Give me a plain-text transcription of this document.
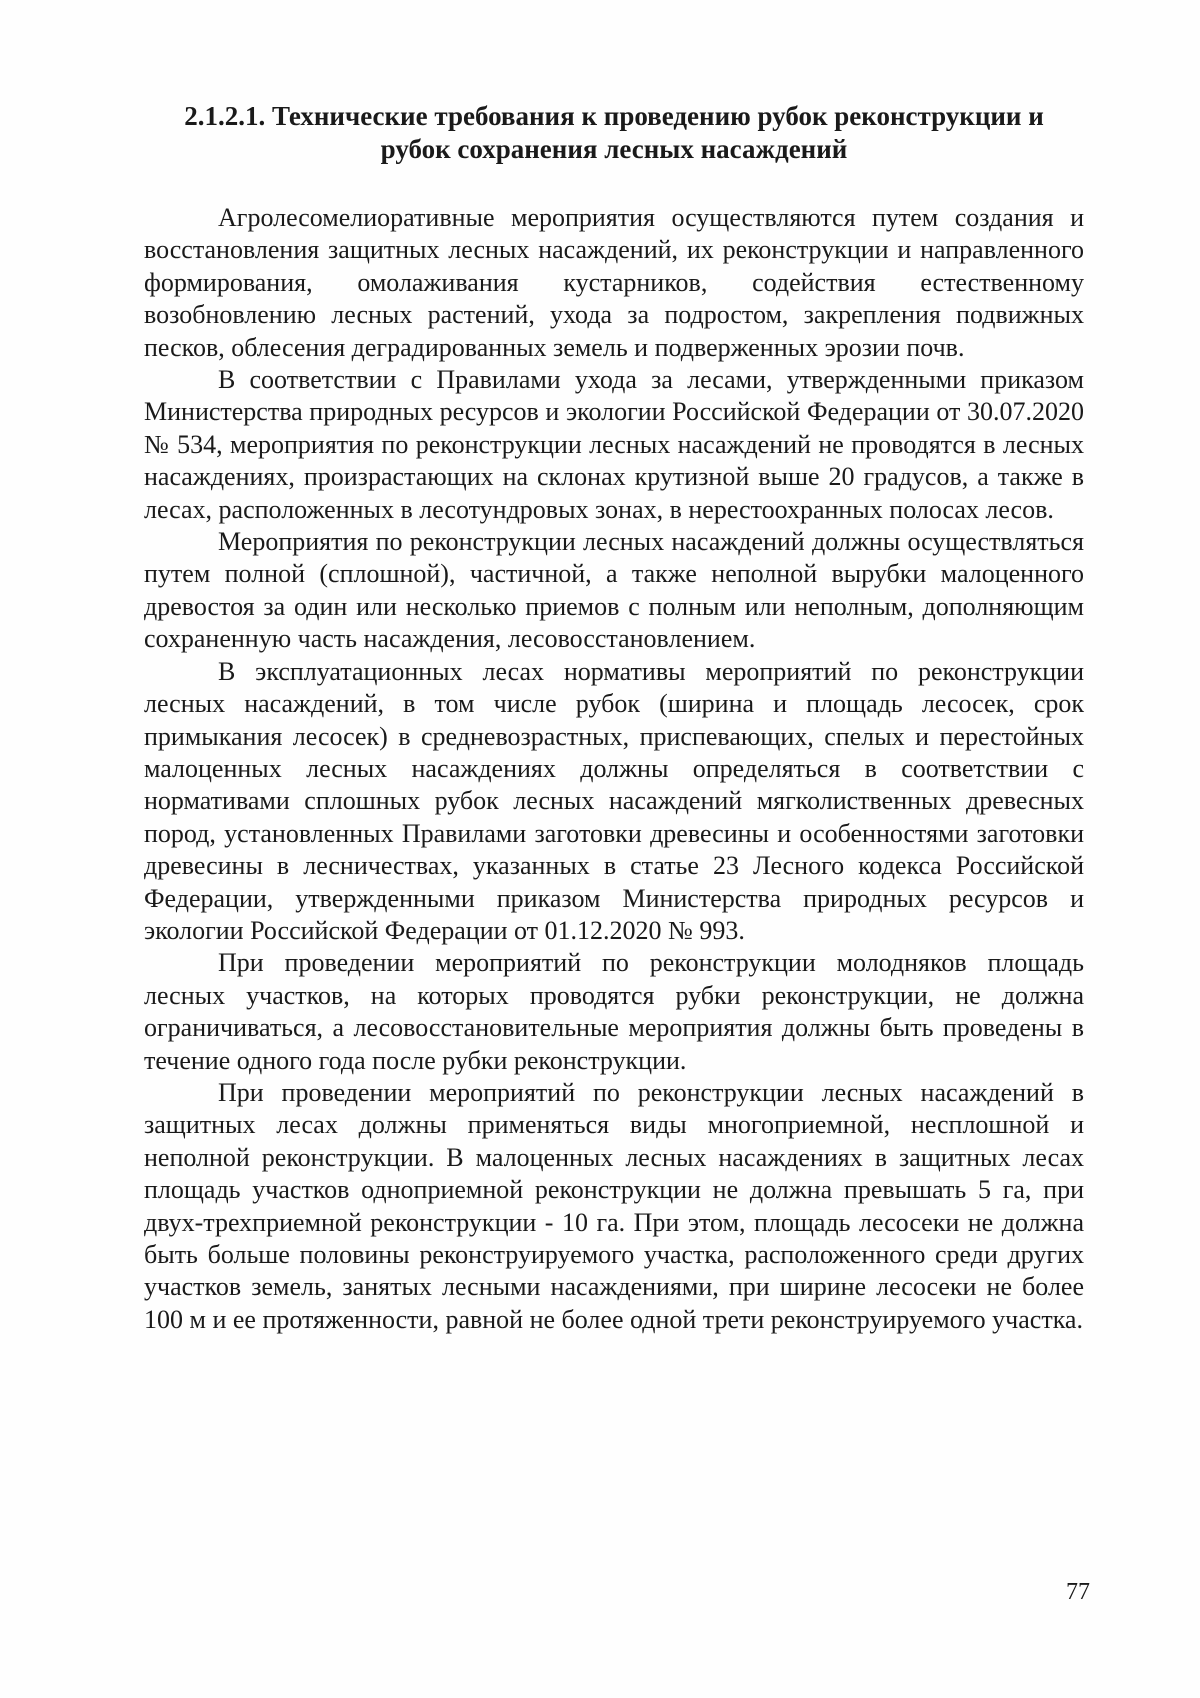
2.1.2.1. Технические требования к проведению рубок реконструкции и
рубок сохранения лесных насаждений

Агролесомелиоративные мероприятия осуществляются путем создания и восстановления защитных лесных насаждений, их реконструкции и направленного формирования, омолаживания кустарников, содействия естественному возобновлению лесных растений, ухода за подростом, закрепления подвижных песков, облесения деградированных земель и подверженных эрозии почв.

В соответствии с Правилами ухода за лесами, утвержденными приказом Министерства природных ресурсов и экологии Российской Федерации от 30.07.2020 № 534, мероприятия по реконструкции лесных насаждений не проводятся в лесных насаждениях, произрастающих на склонах крутизной выше 20 градусов, а также в лесах, расположенных в лесотундровых зонах, в нерестоохранных полосах лесов.

Мероприятия по реконструкции лесных насаждений должны осуществляться путем полной (сплошной), частичной, а также неполной вырубки малоценного древостоя за один или несколько приемов с полным или неполным, дополняющим сохраненную часть насаждения, лесовосстановлением.

В эксплуатационных лесах нормативы мероприятий по реконструкции лесных насаждений, в том числе рубок (ширина и площадь лесосек, срок примыкания лесосек) в средневозрастных, приспевающих, спелых и перестойных малоценных лесных насаждениях должны определяться в соответствии с нормативами сплошных рубок лесных насаждений мягколиственных древесных пород, установленных Правилами заготовки древесины и особенностями заготовки древесины в лесничествах, указанных в статье 23 Лесного кодекса Российской Федерации, утвержденными приказом Министерства природных ресурсов и экологии Российской Федерации от 01.12.2020 № 993.

При проведении мероприятий по реконструкции молодняков площадь лесных участков, на которых проводятся рубки реконструкции, не должна ограничиваться, а лесовосстановительные мероприятия должны быть проведены в течение одного года после рубки реконструкции.

При проведении мероприятий по реконструкции лесных насаждений в защитных лесах должны применяться виды многоприемной, несплошной и неполной реконструкции. В малоценных лесных насаждениях в защитных лесах площадь участков одноприемной реконструкции не должна превышать 5 га, при двух-трехприемной реконструкции - 10 га. При этом, площадь лесосеки не должна быть больше половины реконструируемого участка, расположенного среди других участков земель, занятых лесными насаждениями, при ширине лесосеки не более 100 м и ее протяженности, равной не более одной трети реконструируемого участка.

77
